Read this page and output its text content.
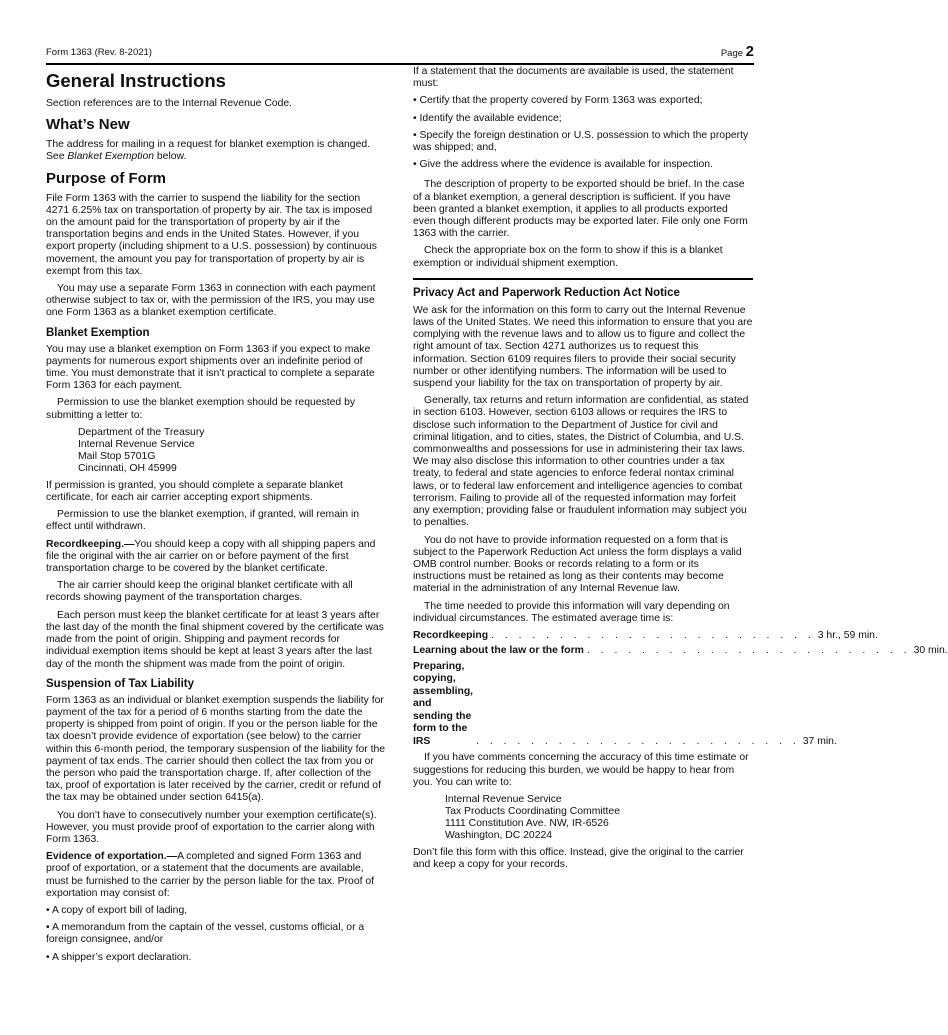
Form 1363 (Rev. 8-2021)	Page 2
General Instructions

Section references are to the Internal Revenue Code.

What’s New

The address for mailing in a request for blanket exemption is changed. See Blanket Exemption below.

Purpose of Form

File Form 1363 with the carrier to suspend the liability for the section 4271 6.25% tax on transportation of property by air. The tax is imposed on the amount paid for the transportation of property by air if the transportation begins and ends in the United States. However, if you export property (including shipment to a U.S. possession) by continuous movement, the amount you pay for transportation of property by air is exempt from this tax.

You may use a separate Form 1363 in connection with each payment otherwise subject to tax or, with the permission of the IRS, you may use one Form 1363 as a blanket exemption certificate.

Blanket Exemption

You may use a blanket exemption on Form 1363 if you expect to make payments for numerous export shipments over an indefinite period of time. You must demonstrate that it isn’t practical to complete a separate Form 1363 for each payment.

Permission to use the blanket exemption should be requested by submitting a letter to:

Department of the Treasury
Internal Revenue Service
Mail Stop 5701G
Cincinnati, OH 45999

If permission is granted, you should complete a separate blanket certificate, for each air carrier accepting export shipments.

Permission to use the blanket exemption, if granted, will remain in effect until withdrawn.

Recordkeeping.—You should keep a copy with all shipping papers and file the original with the air carrier on or before payment of the first transportation charge to be covered by the blanket certificate.

The air carrier should keep the original blanket certificate with all records showing payment of the transportation charges.

Each person must keep the blanket certificate for at least 3 years after the last day of the month the final shipment covered by the certificate was made from the point of origin. Shipping and payment records for individual exemption items should be kept at least 3 years after the last day of the month the shipment was made from the point of origin.

Suspension of Tax Liability

Form 1363 as an individual or blanket exemption suspends the liability for payment of the tax for a period of 6 months starting from the date the property is shipped from point of origin. If you or the person liable for the tax doesn’t provide evidence of exportation (see below) to the carrier within this 6-month period, the temporary suspension of the liability for the payment of tax ends. The carrier should then collect the tax from you or the person who paid the transportation charge. If, after collection of the tax, proof of exportation is later received by the carrier, credit or refund of the tax may be obtained under section 6415(a).

You don’t have to consecutively number your exemption certificate(s). However, you must provide proof of exportation to the carrier along with Form 1363.

Evidence of exportation.—A completed and signed Form 1363 and proof of exportation, or a statement that the documents are available, must be furnished to the carrier by the person liable for the tax. Proof of exportation may consist of:

• A copy of export bill of lading,

• A memorandum from the captain of the vessel, customs official, or a foreign consignee, and/or

• A shipper’s export declaration.

If a statement that the documents are available is used, the statement must:

• Certify that the property covered by Form 1363 was exported;

• Identify the available evidence;

• Specify the foreign destination or U.S. possession to which the property was shipped; and,

• Give the address where the evidence is available for inspection.

The description of property to be exported should be brief. In the case of a blanket exemption, a general description is sufficient. If you have been granted a blanket exemption, it applies to all products exported even though different products may be exported later. File only one Form 1363 with the carrier.

Check the appropriate box on the form to show if this is a blanket exemption or individual shipment exemption.

Privacy Act and Paperwork Reduction Act Notice

We ask for the information on this form to carry out the Internal Revenue laws of the United States. We need this information to ensure that you are complying with the revenue laws and to allow us to figure and collect the right amount of tax. Section 4271 authorizes us to request this information. Section 6109 requires filers to provide their social security number or other identifying numbers. The information will be used to suspend your liability for the tax on transportation of property by air.

Generally, tax returns and return information are confidential, as stated in section 6103. However, section 6103 allows or requires the IRS to disclose such information to the Department of Justice for civil and criminal litigation, and to cities, states, the District of Columbia, and U.S. commonwealths and possessions for use in administering their tax laws. We may also disclose this information to other countries under a tax treaty, to federal and state agencies to enforce federal nontax criminal laws, or to federal law enforcement and intelligence agencies to combat terrorism. Failing to provide all of the requested information may forfeit any exemption; providing false or fraudulent information may subject you to penalties.

You do not have to provide information requested on a form that is subject to the Paperwork Reduction Act unless the form displays a valid OMB control number. Books or records relating to a form or its instructions must be retained as long as their contents may become material in the administration of any Internal Revenue law.

The time needed to provide this information will vary depending on individual circumstances. The estimated average time is:

Recordkeeping . . . . . . . . . . . . . . . . . . . . . . . . 3 hr., 59 min.
Learning about the law or the form . . . . . . . . . . . . . . . . . . . . . . . . 30 min.
Preparing, copying, assembling, and
sending the form to the IRS	. . . . . . . . . . . . . . . . . . . . . . . . 37 min.

If you have comments concerning the accuracy of this time estimate or suggestions for reducing this burden, we would be happy to hear from you. You can write to:

Internal Revenue Service
Tax Products Coordinating Committee
1111 Constitution Ave. NW, IR-6526
Washington, DC 20224

Don’t file this form with this office. Instead, give the original to the carrier and keep a copy for your records.
